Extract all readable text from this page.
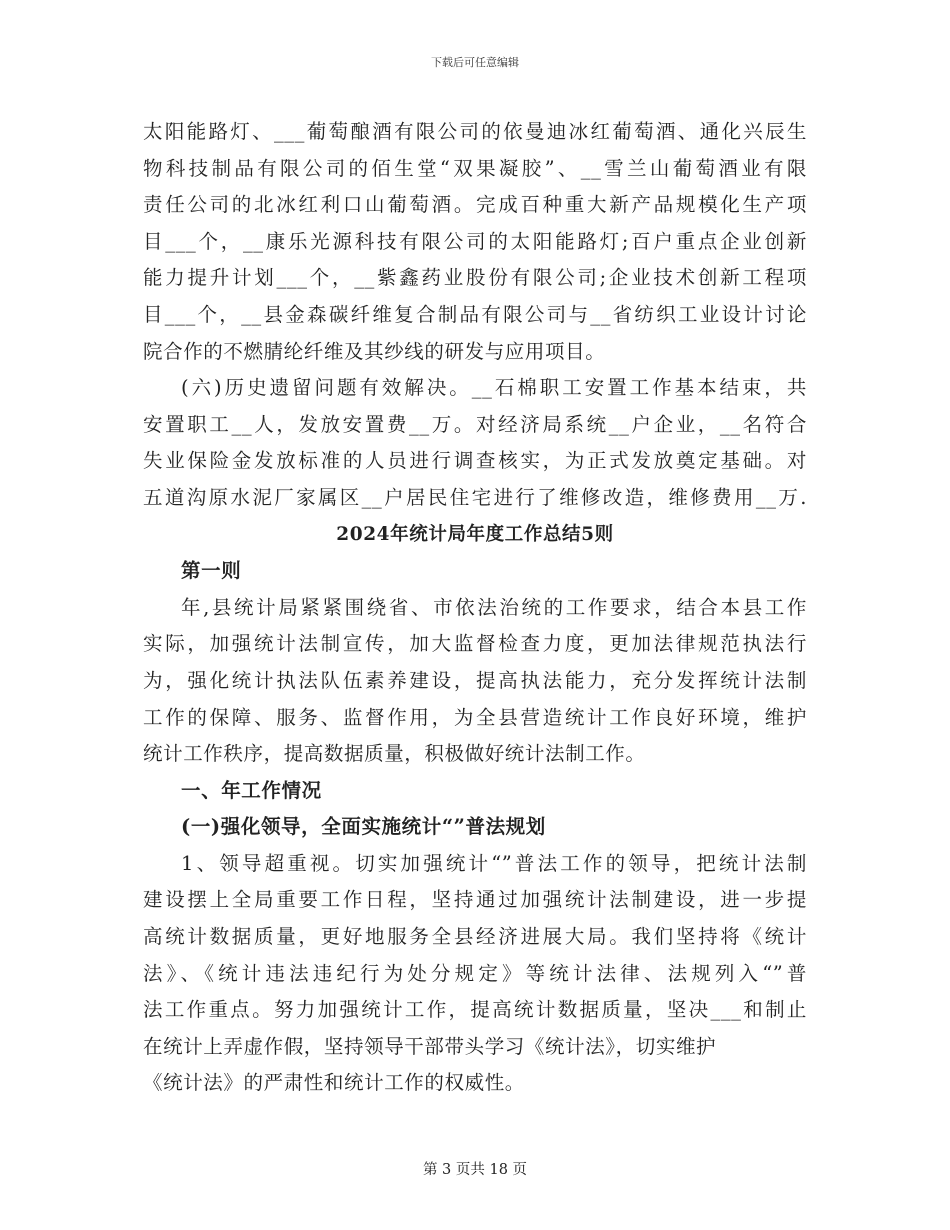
下载后可任意编辑
太阳能路灯、___葡萄酿酒有限公司的依曼迪冰红葡萄酒、通化兴辰生
物科技制品有限公司的佰生堂“双果凝胶”、__雪兰山葡萄酒业有限
责任公司的北冰红利口山葡萄酒。完成百种重大新产品规模化生产项
目___个，__康乐光源科技有限公司的太阳能路灯;百户重点企业创新
能力提升计划___个，__紫鑫药业股份有限公司;企业技术创新工程项
目___个，__县金森碳纤维复合制品有限公司与__省纺织工业设计讨论
院合作的不燃腈纶纤维及其纱线的研发与应用项目。
(六)历史遗留问题有效解决。__石棉职工安置工作基本结束，共
安置职工__人，发放安置费__万。对经济局系统__户企业，__名符合
失业保险金发放标准的人员进行调查核实，为正式发放奠定基础。对
五道沟原水泥厂家属区__户居民住宅进行了维修改造，维修费用__万.
2024年统计局年度工作总结5则
第一则
年,县统计局紧紧围绕省、市依法治统的工作要求，结合本县工作
实际，加强统计法制宣传，加大监督检查力度，更加法律规范执法行
为，强化统计执法队伍素养建设，提高执法能力，充分发挥统计法制
工作的保障、服务、监督作用，为全县营造统计工作良好环境，维护
统计工作秩序，提高数据质量，积极做好统计法制工作。
一、年工作情况
(一)强化领导，全面实施统计“”普法规划
1、领导超重视。切实加强统计“”普法工作的领导，把统计法制
建设摆上全局重要工作日程，坚持通过加强统计法制建设，进一步提
高统计数据质量，更好地服务全县经济进展大局。我们坚持将《统计
法》、《统计违法违纪行为处分规定》等统计法律、法规列入“”普
法工作重点。努力加强统计工作，提高统计数据质量，坚决___和制止
在统计上弄虚作假，坚持领导干部带头学习《统计法》，切实维护
《统计法》的严肃性和统计工作的权威性。
第 3 页共 18 页
